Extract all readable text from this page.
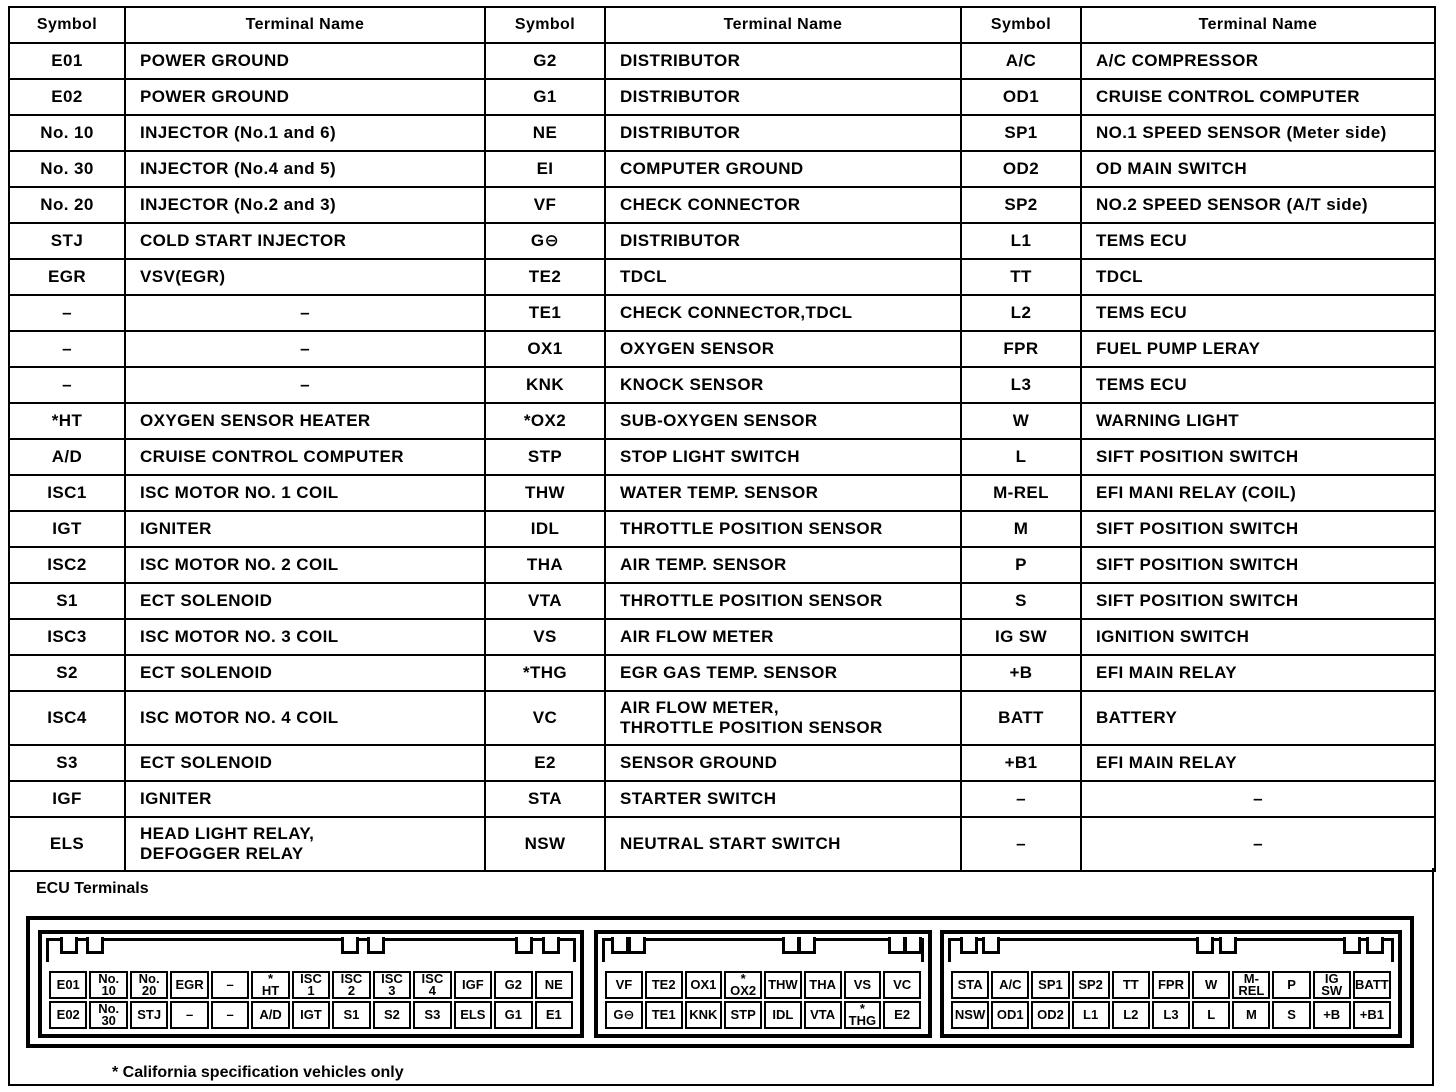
Symbol	Terminal Name	Symbol	Terminal Name	Symbol	Terminal Name
E01	POWER GROUND	G2	DISTRIBUTOR	A/C	A/C COMPRESSOR
E02	POWER GROUND	G1	DISTRIBUTOR	OD1	CRUISE CONTROL COMPUTER
No. 10	INJECTOR (No.1 and 6)	NE	DISTRIBUTOR	SP1	NO.1 SPEED SENSOR (Meter side)
No. 30	INJECTOR (No.4 and 5)	EI	COMPUTER GROUND	OD2	OD MAIN SWITCH
No. 20	INJECTOR (No.2 and 3)	VF	CHECK CONNECTOR	SP2	NO.2 SPEED SENSOR (A/T side)
STJ	COLD START INJECTOR	G⊖	DISTRIBUTOR	L1	TEMS ECU
EGR	VSV(EGR)	TE2	TDCL	TT	TDCL
–	–	TE1	CHECK CONNECTOR,TDCL	L2	TEMS ECU
–	–	OX1	OXYGEN SENSOR	FPR	FUEL PUMP LERAY
–	–	KNK	KNOCK SENSOR	L3	TEMS ECU
*HT	OXYGEN SENSOR HEATER	*OX2	SUB-OXYGEN SENSOR	W	WARNING LIGHT
A/D	CRUISE CONTROL COMPUTER	STP	STOP LIGHT SWITCH	L	SIFT POSITION SWITCH
ISC1	ISC MOTOR NO. 1 COIL	THW	WATER TEMP. SENSOR	M-REL	EFI MANI RELAY (COIL)
IGT	IGNITER	IDL	THROTTLE POSITION SENSOR	M	SIFT POSITION SWITCH
ISC2	ISC MOTOR NO. 2 COIL	THA	AIR TEMP. SENSOR	P	SIFT POSITION SWITCH
S1	ECT SOLENOID	VTA	THROTTLE POSITION SENSOR	S	SIFT POSITION SWITCH
ISC3	ISC MOTOR NO. 3 COIL	VS	AIR FLOW METER	IG SW	IGNITION SWITCH
S2	ECT SOLENOID	*THG	EGR GAS TEMP. SENSOR	+B	EFI MAIN RELAY
ISC4	ISC MOTOR NO. 4 COIL	VC	AIR FLOW METER,
THROTTLE POSITION SENSOR	BATT	BATTERY
S3	ECT SOLENOID	E2	SENSOR GROUND	+B1	EFI MAIN RELAY
IGF	IGNITER	STA	STARTER SWITCH	–	–
ELS	HEAD LIGHT RELAY,
DEFOGGER RELAY	NSW	NEUTRAL START SWITCH	–	–
ECU Terminals
E01	No.
10
No.
20	EGR	–	*
HT
ISC
1
ISC
2
ISC
3
ISC
4	IGF	G2	NE
E02	No.
30	STJ	–	–	A/D	IGT	S1	S2	S3	ELS	G1	E1
VF	TE2	OX1	*
OX2 THW THA	VS	VC
G⊖	TE1	KNK	STP	IDL	VTA	*
THG	E2
STA	A/C	SP1	SP2	TT	FPR	W	M-
REL	P	IG
SW BATT
NSW OD1	OD2	L1	L2	L3	L	M	S	+B	+B1
* California specification vehicles only
